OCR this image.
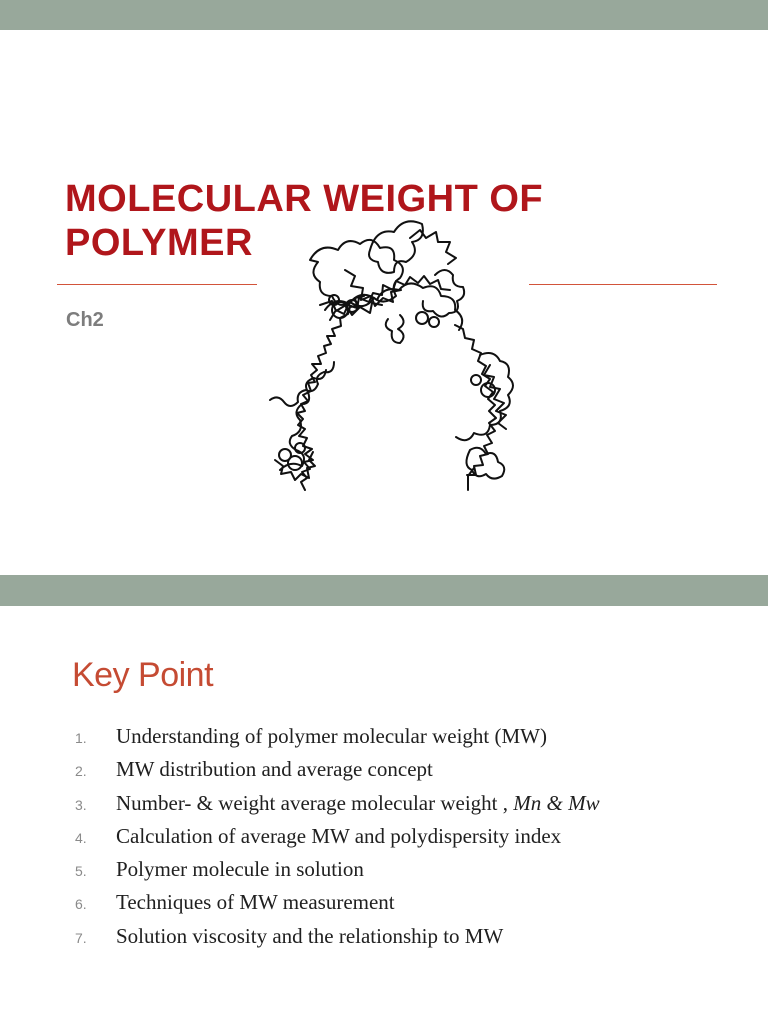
MOLECULAR WEIGHT OF
POLYMER

Ch2

Key Point
1.	Understanding of polymer molecular weight (MW)
2.	MW distribution and average concept
3.	Number- & weight average molecular weight , Mn & Mw
4.	Calculation of average MW and polydispersity index
5.	Polymer molecule in solution
6.	Techniques of MW measurement
7.	Solution viscosity and the relationship to MW
